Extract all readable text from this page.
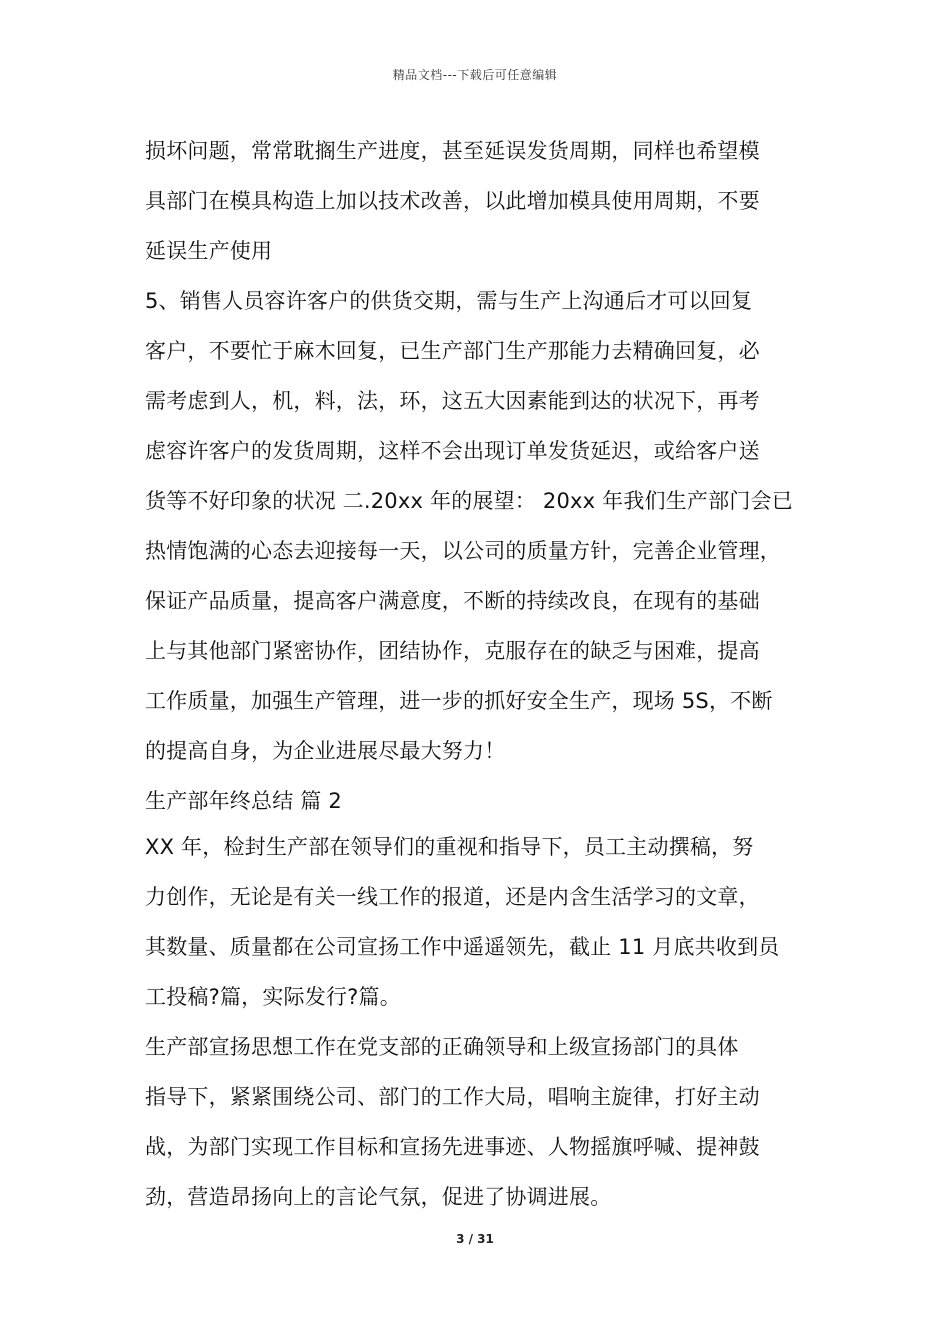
精品文档---下载后可任意编辑
损坏问题，常常耽搁生产进度，甚至延误发货周期，同样也希望模
具部门在模具构造上加以技术改善，以此增加模具使用周期，不要
延误生产使用
5、销售人员容许客户的供货交期，需与生产上沟通后才可以回复
客户，不要忙于麻木回复，已生产部门生产那能力去精确回复，必
需考虑到人，机，料，法，环，这五大因素能到达的状况下，再考
虑容许客户的发货周期，这样不会出现订单发货延迟，或给客户送
货等不好印象的状况 二.20xx 年的展望： 20xx 年我们生产部门会已
热情饱满的心态去迎接每一天，以公司的质量方针，完善企业管理，
保证产品质量，提高客户满意度，不断的持续改良，在现有的基础
上与其他部门紧密协作，团结协作，克服存在的缺乏与困难，提高
工作质量，加强生产管理，进一步的抓好安全生产，现场 5S，不断
的提高自身，为企业进展尽最大努力！
生产部年终总结 篇 2
XX 年，检封生产部在领导们的重视和指导下，员工主动撰稿，努
力创作，无论是有关一线工作的报道，还是内含生活学习的文章，
其数量、质量都在公司宣扬工作中遥遥领先，截止 11 月底共收到员
工投稿?篇，实际发行?篇。
生产部宣扬思想工作在党支部的正确领导和上级宣扬部门的具体
指导下，紧紧围绕公司、部门的工作大局，唱响主旋律，打好主动
战，为部门实现工作目标和宣扬先进事迹、人物摇旗呼喊、提神鼓
劲，营造昂扬向上的言论气氛，促进了协调进展。
3 / 31
